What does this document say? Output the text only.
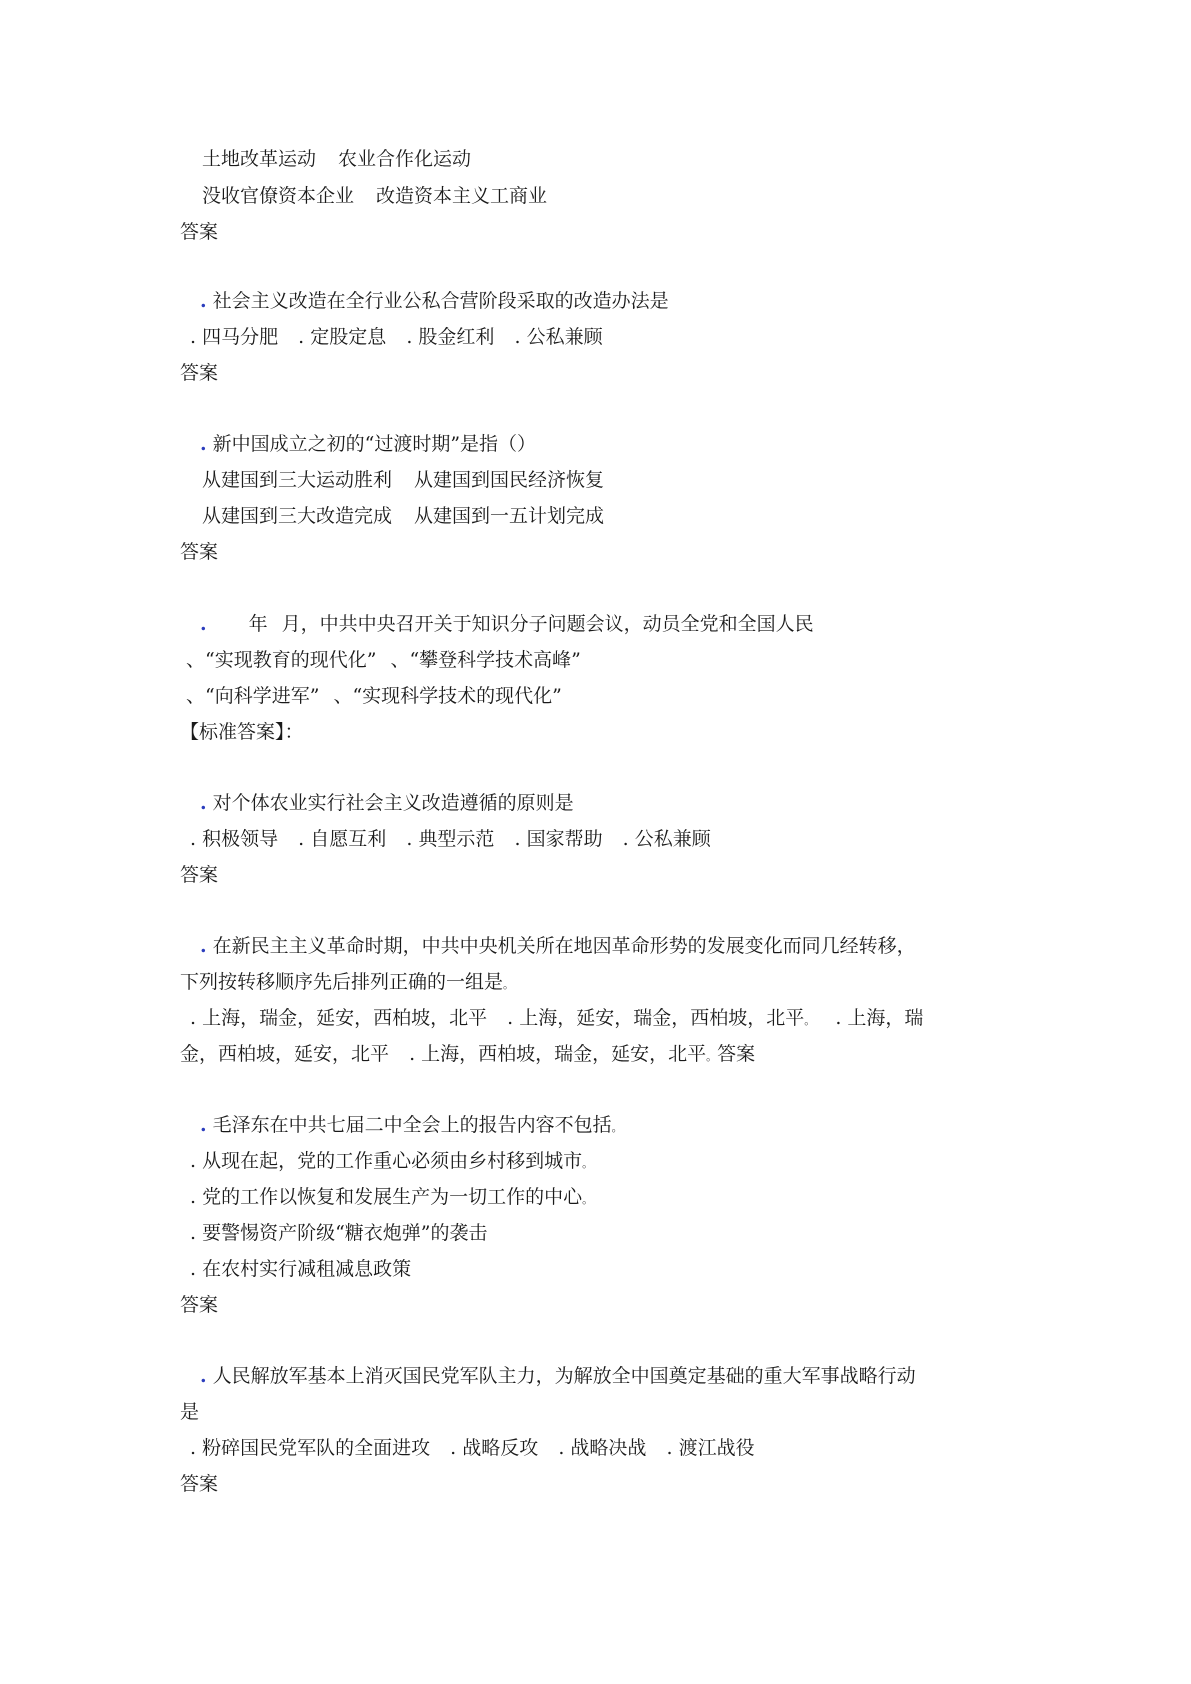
土地改革运动 农业合作化运动
没收官僚资本企业 改造资本主义工商业
答案
. 社会主义改造在全行业公私合营阶段采取的改造办法是
. 四马分肥 . 定股定息 . 股金红利 . 公私兼顾
答案
. 新中国成立之初的“过渡时期”是指（）
从建国到三大运动胜利 从建国到国民经济恢复
从建国到三大改造完成 从建国到一五计划完成
答案
. 年 月，中共中央召开关于知识分子问题会议，动员全党和全国人民
、“实现教育的现代化” 、“攀登科学技术高峰”
、“向科学进军” 、“实现科学技术的现代化”
【标准答案】：
. 对个体农业实行社会主义改造遵循的原则是
. 积极领导 . 自愿互利 . 典型示范 . 国家帮助 . 公私兼顾
答案
. 在新民主主义革命时期，中共中央机关所在地因革命形势的发展变化而同几经转移，
下列按转移顺序先后排列正确的一组是。
. 上海，瑞金，延安，西柏坡，北平 . 上海，延安，瑞金，西柏坡，北平。 . 上海，瑞
金，西柏坡，延安，北平 . 上海，西柏坡，瑞金，延安，北平。答案
. 毛泽东在中共七届二中全会上的报告内容不包括。
. 从现在起，党的工作重心必须由乡村移到城市。
. 党的工作以恢复和发展生产为一切工作的中心。
. 要警惕资产阶级“糖衣炮弹”的袭击
. 在农村实行减租减息政策
答案
. 人民解放军基本上消灭国民党军队主力，为解放全中国奠定基础的重大军事战略行动
是
. 粉碎国民党军队的全面进攻 . 战略反攻 . 战略决战 . 渡江战役
答案
